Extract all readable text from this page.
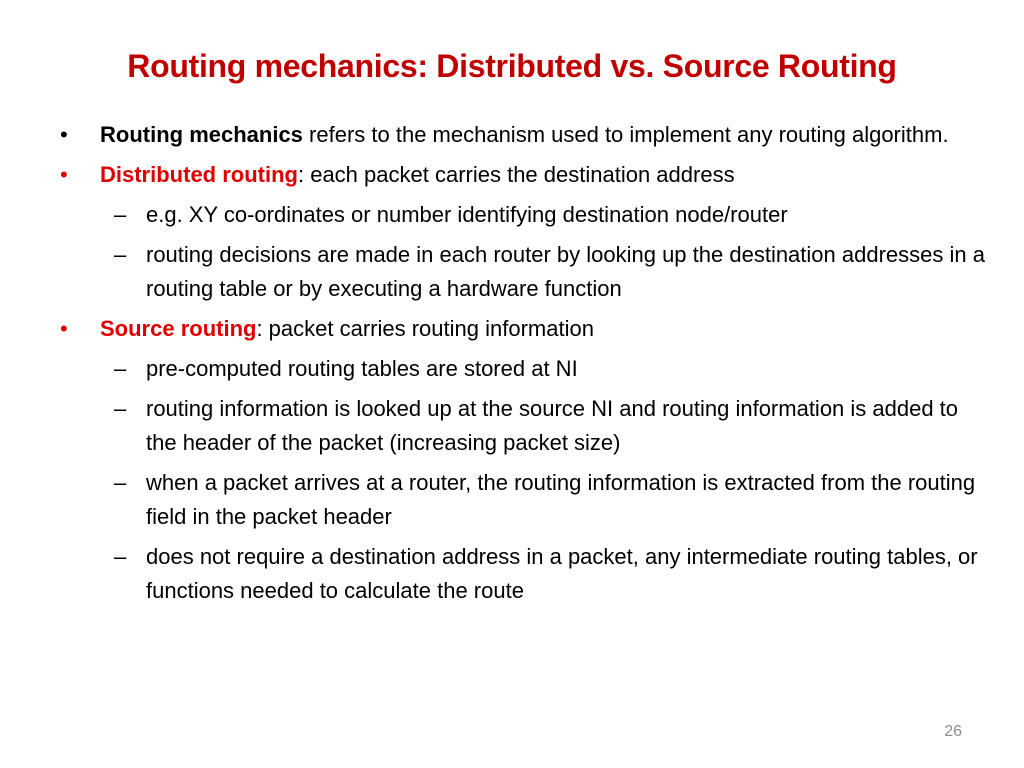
Routing mechanics: Distributed vs. Source Routing
• Routing mechanics refers to the mechanism used to implement any routing algorithm.
• Distributed routing: each packet carries the destination address
– e.g. XY co-ordinates or number identifying destination node/router
– routing decisions are made in each router by looking up the destination addresses in a routing table or by executing a hardware function
• Source routing: packet carries routing information
– pre-computed routing tables are stored at NI
– routing information is looked up at the source NI and routing information is added to the header of the packet (increasing packet size)
– when a packet arrives at a router, the routing information is extracted from the routing field in the packet header
– does not require a destination address in a packet, any intermediate routing tables, or functions needed to calculate the route
26
